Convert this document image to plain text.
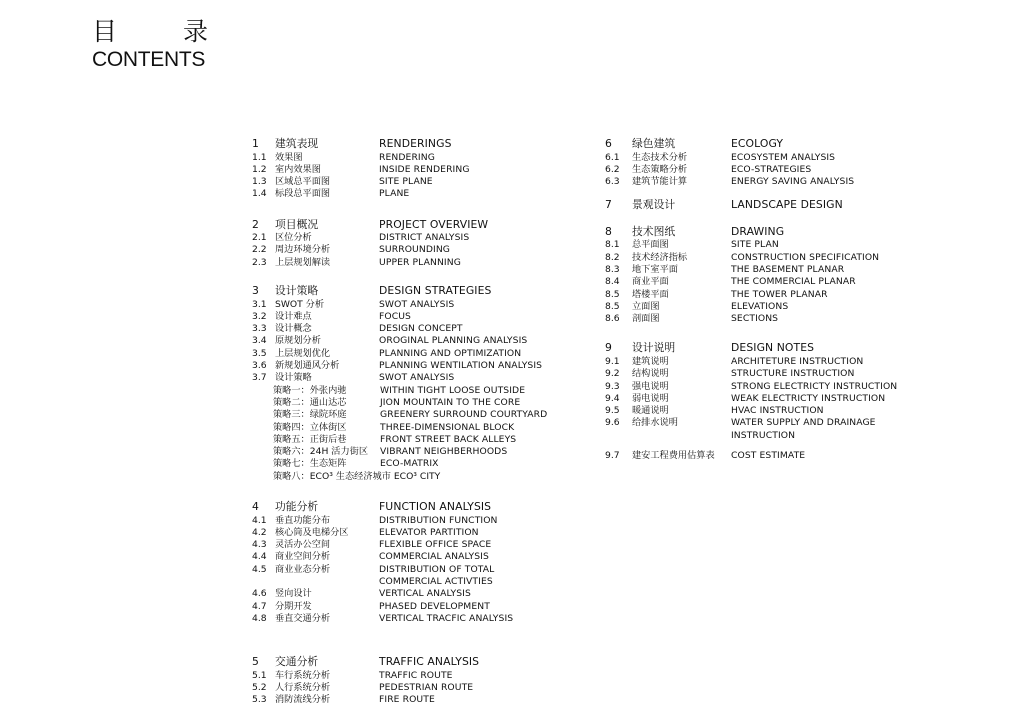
目	录
CONTENTS
1 建筑表现	RENDERINGS
1.1 效果图	RENDERING
1.2 室内效果图	INSIDE RENDERING
1.3 区域总平面图	SITE PLANE
1.4 标段总平面图	PLANE
2 项目概况	PROJECT OVERVIEW
2.1 区位分析	DISTRICT ANALYSIS
2.2 周边环境分析	SURROUNDING
2.3 上层规划解读	UPPER PLANNING
3 设计策略	DESIGN STRATEGIES
3.1 SWOT 分析	SWOT ANALYSIS
3.2 设计难点	FOCUS
3.3 设计概念	DESIGN CONCEPT
3.4 原规划分析	OROGINAL PLANNING ANALYSIS
3.5 上层规划优化	PLANNING AND OPTIMIZATION
3.6 新规划通风分析	PLANNING WENTILATION ANALYSIS
3.7 设计策略	SWOT ANALYSIS
策略一：外张内驰	WITHIN TIGHT LOOSE OUTSIDE
策略二：通山达芯	JION MOUNTAIN TO THE CORE
策略三：绿院环庭	GREENERY SURROUND COURTYARD
策略四：立体街区	THREE-DIMENSIONAL BLOCK
策略五：正街后巷	FRONT STREET BACK ALLEYS
策略六：24H 活力街区 VIBRANT NEIGHBERHOODS
策略七：生态矩阵	ECO-MATRIX
策略八：ECO³ 生态经济城市 ECO³ CITY
4 功能分析	FUNCTION ANALYSIS
4.1 垂直功能分布	DISTRIBUTION FUNCTION
4.2 核心筒及电梯分区	ELEVATOR PARTITION
4.3 灵活办公空间	FLEXIBLE OFFICE SPACE
4.4 商业空间分析	COMMERCIAL ANALYSIS
4.5 商业业态分析	DISTRIBUTION OF TOTAL
COMMERCIAL ACTIVTIES
4.6 竖向设计	VERTICAL ANALYSIS
4.7 分期开发	PHASED DEVELOPMENT
4.8 垂直交通分析	VERTICAL TRACFIC ANALYSIS
5 交通分析	TRAFFIC ANALYSIS
5.1 车行系统分析	TRAFFIC ROUTE
5.2 人行系统分析	PEDESTRIAN ROUTE
5.3 消防流线分析	FIRE ROUTE
6 绿色建筑	ECOLOGY
6.1 生态技术分析	ECOSYSTEM ANALYSIS
6.2 生态策略分析	ECO-STRATEGIES
6.3 建筑节能计算	ENERGY SAVING ANALYSIS
7 景观设计	LANDSCAPE DESIGN
8 技术图纸	DRAWING
8.1 总平面图	SITE PLAN
8.2 技术经济指标	CONSTRUCTION SPECIFICATION
8.3 地下室平面	THE BASEMENT PLANAR
8.4 商业平面	THE COMMERCIAL PLANAR
8.5 塔楼平面	THE TOWER PLANAR
8.5 立面图	ELEVATIONS
8.6 剖面图	SECTIONS
9 设计说明	DESIGN NOTES
9.1 建筑说明	ARCHITETURE INSTRUCTION
9.2 结构说明	STRUCTURE INSTRUCTION
9.3 强电说明	STRONG ELECTRICTY INSTRUCTION
9.4 弱电说明	WEAK ELECTRICTY INSTRUCTION
9.5 暖通说明	HVAC INSTRUCTION
9.6 给排水说明	WATER SUPPLY AND DRAINAGE
INSTRUCTION
9.7 建安工程费用估算表 COST ESTIMATE
